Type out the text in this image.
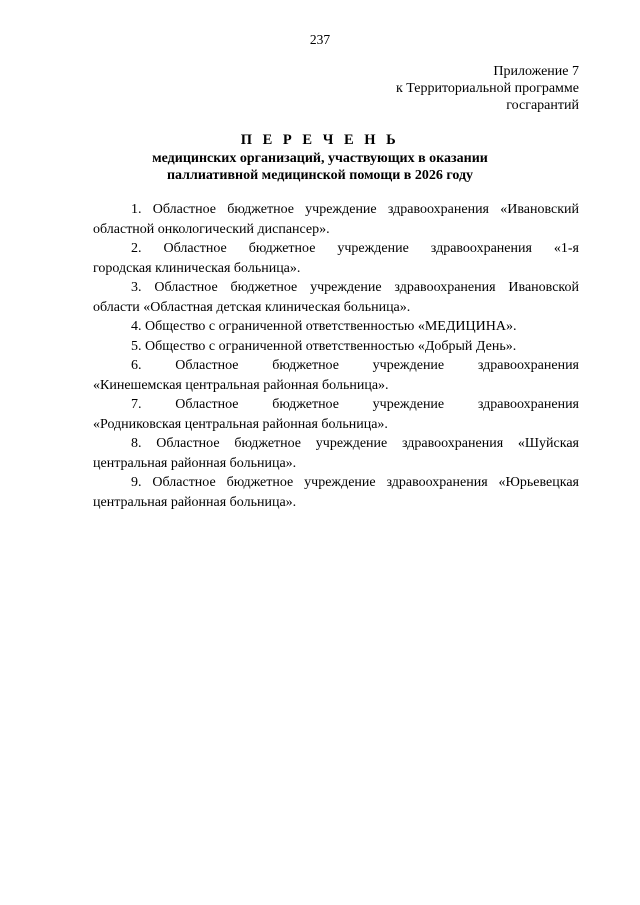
237
Приложение 7
к Территориальной программе
госгарантий
П Е Р Е Ч Е Н Ь
медицинских организаций, участвующих в оказании
паллиативной медицинской помощи в 2026 году
1. Областное бюджетное учреждение здравоохранения «Ивановский
областной онкологический диспансер».
2. Областное бюджетное учреждение здравоохранения «1-я
городская клиническая больница».
3. Областное бюджетное учреждение здравоохранения Ивановской
области «Областная детская клиническая больница».
4. Общество с ограниченной ответственностью «МЕДИЦИНА».
5. Общество с ограниченной ответственностью «Добрый День».
6. Областное бюджетное учреждение здравоохранения
«Кинешемская центральная районная больница».
7. Областное бюджетное учреждение здравоохранения
«Родниковская центральная районная больница».
8. Областное бюджетное учреждение здравоохранения «Шуйская
центральная районная больница».
9. Областное бюджетное учреждение здравоохранения «Юрьевецкая
центральная районная больница».
